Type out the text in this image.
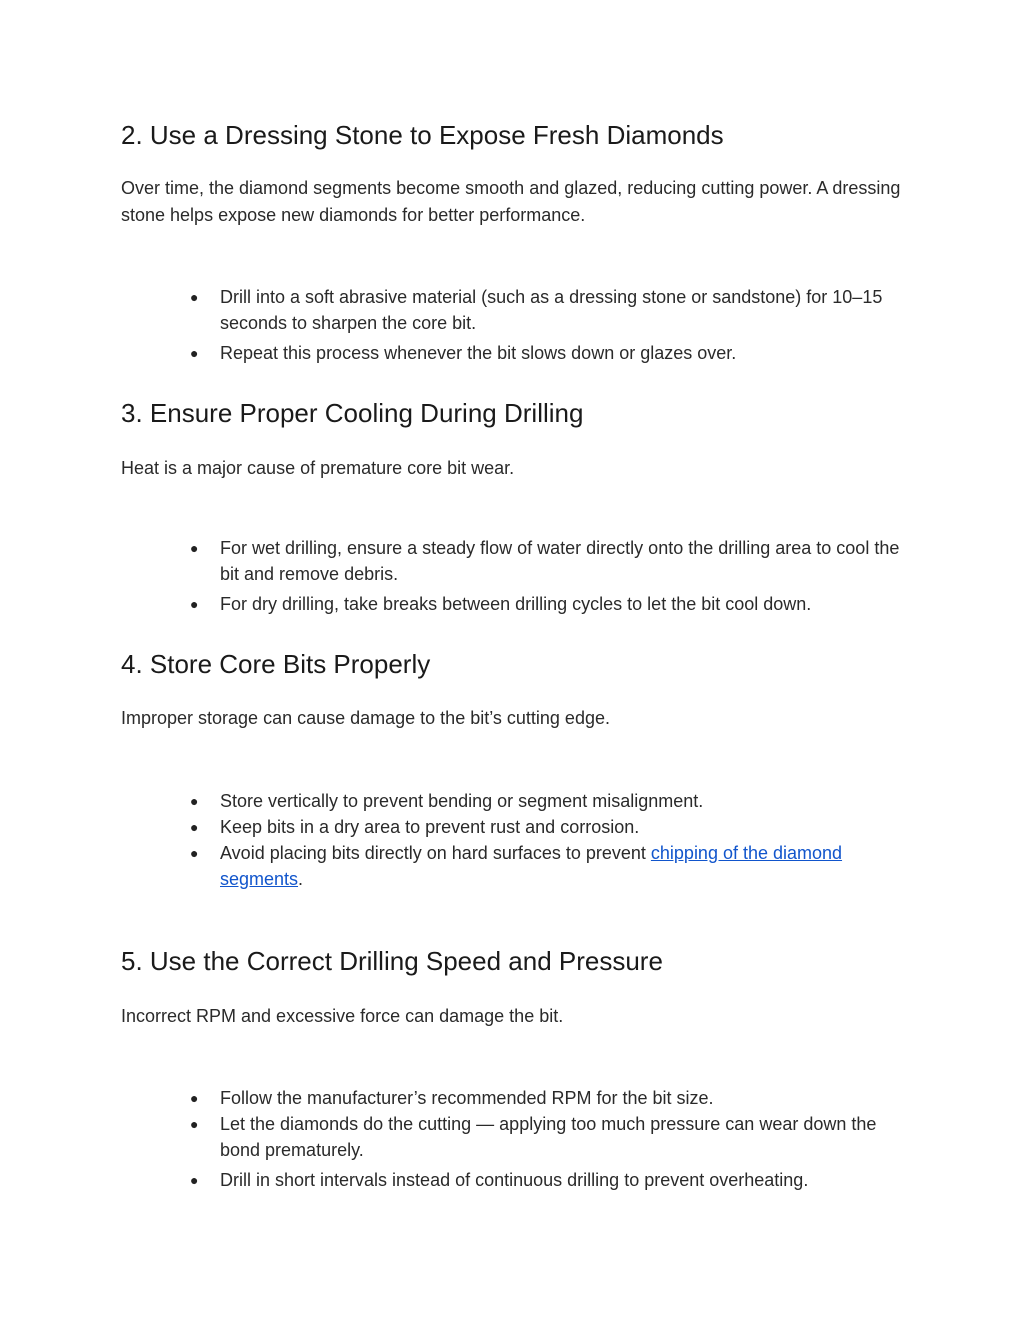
2. Use a Dressing Stone to Expose Fresh Diamonds

Over time, the diamond segments become smooth and glazed, reducing cutting power. A dressing stone helps expose new diamonds for better performance.

● Drill into a soft abrasive material (such as a dressing stone or sandstone) for 10–15 seconds to sharpen the core bit.
● Repeat this process whenever the bit slows down or glazes over.
3. Ensure Proper Cooling During Drilling

Heat is a major cause of premature core bit wear.

● For wet drilling, ensure a steady flow of water directly onto the drilling area to cool the bit and remove debris.
● For dry drilling, take breaks between drilling cycles to let the bit cool down.
4. Store Core Bits Properly

Improper storage can cause damage to the bit’s cutting edge.

● Store vertically to prevent bending or segment misalignment.
● Keep bits in a dry area to prevent rust and corrosion.
● Avoid placing bits directly on hard surfaces to prevent chipping of the diamond segments.
5. Use the Correct Drilling Speed and Pressure

Incorrect RPM and excessive force can damage the bit.

● Follow the manufacturer’s recommended RPM for the bit size.
● Let the diamonds do the cutting — applying too much pressure can wear down the bond prematurely.
● Drill in short intervals instead of continuous drilling to prevent overheating.
